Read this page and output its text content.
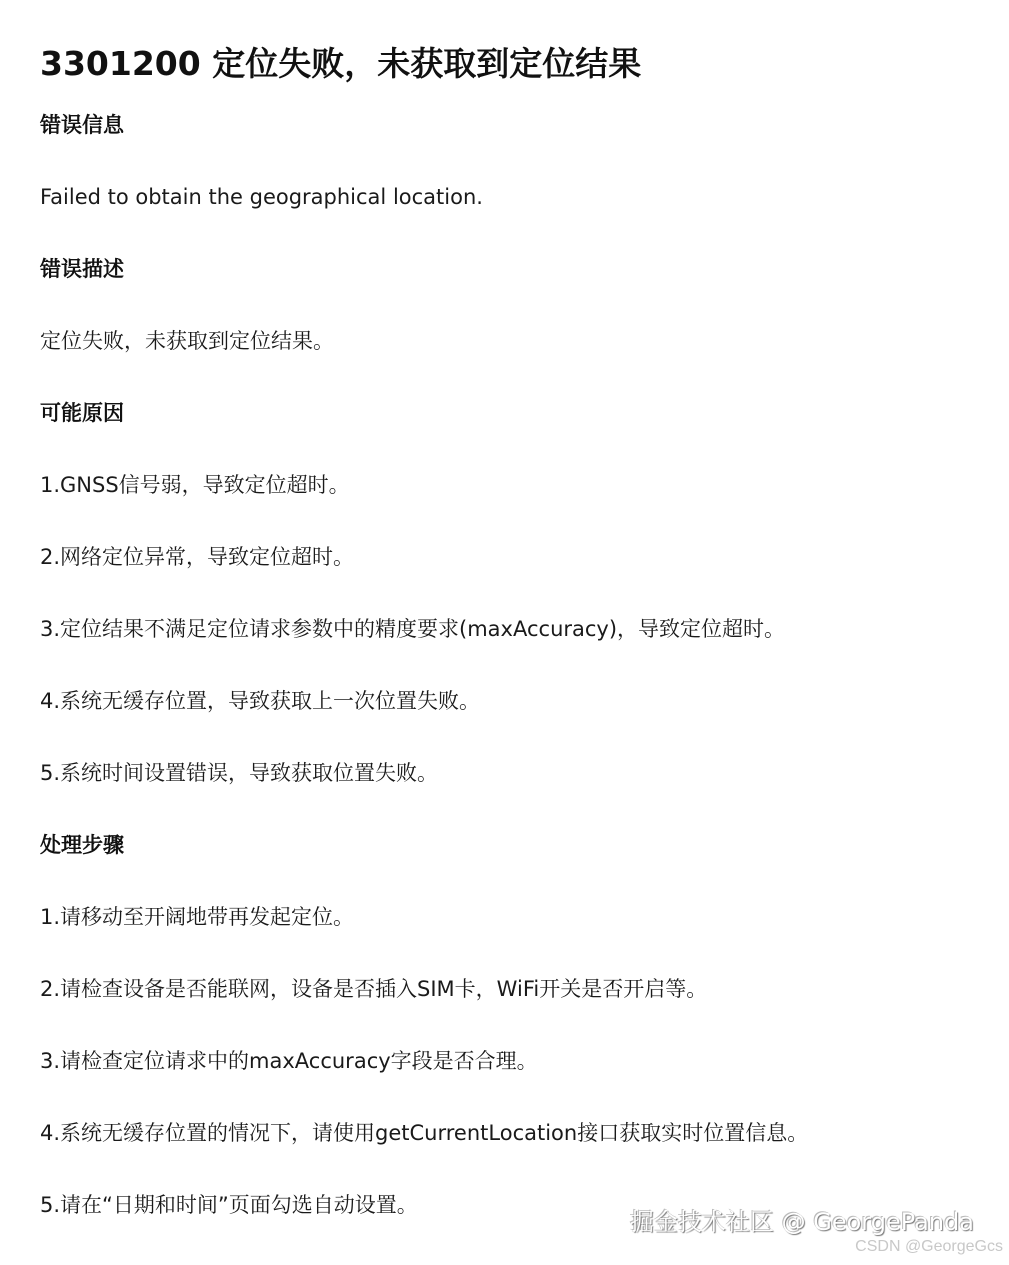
3301200 定位失败，未获取到定位结果
错误信息
Failed to obtain the geographical location.
错误描述
定位失败，未获取到定位结果。
可能原因
1.GNSS信号弱，导致定位超时。
2.网络定位异常，导致定位超时。
3.定位结果不满足定位请求参数中的精度要求(maxAccuracy)，导致定位超时。
4.系统无缓存位置，导致获取上一次位置失败。
5.系统时间设置错误，导致获取位置失败。
处理步骤
1.请移动至开阔地带再发起定位。
2.请检查设备是否能联网，设备是否插入SIM卡，WiFi开关是否开启等。
3.请检查定位请求中的maxAccuracy字段是否合理。
4.系统无缓存位置的情况下，请使用getCurrentLocation接口获取实时位置信息。
5.请在“日期和时间”页面勾选自动设置。
掘金技术社区 @ GeorgePanda
CSDN @GeorgeGcs
